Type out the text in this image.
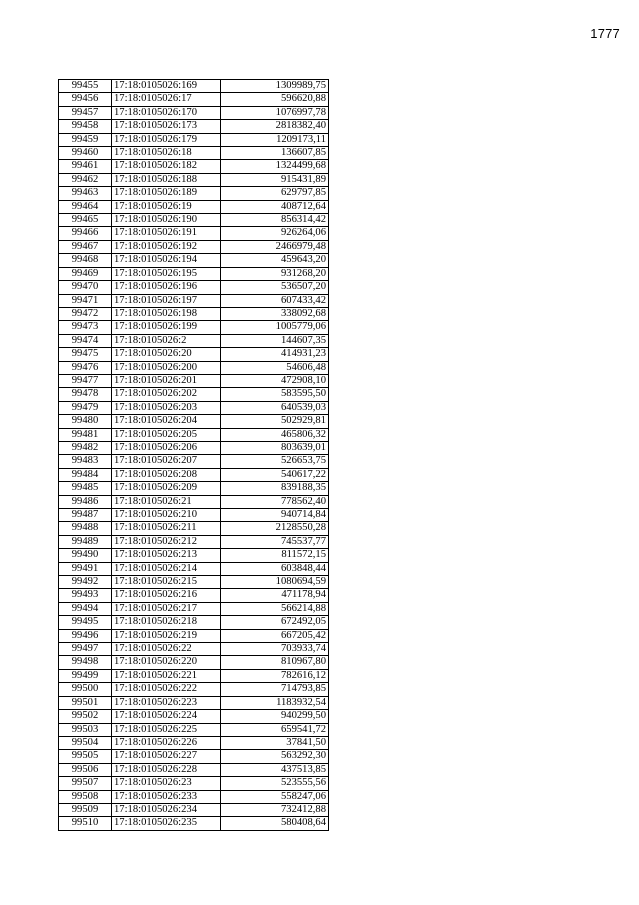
1777
99455	17:18:0105026:169	1309989,75
99456	17:18:0105026:17	596620,88
99457	17:18:0105026:170	1076997,78
99458	17:18:0105026:173	2818382,40
99459	17:18:0105026:179	1209173,11
99460	17:18:0105026:18	136607,85
99461	17:18:0105026:182	1324499,68
99462	17:18:0105026:188	915431,89
99463	17:18:0105026:189	629797,85
99464	17:18:0105026:19	408712,64
99465	17:18:0105026:190	856314,42
99466	17:18:0105026:191	926264,06
99467	17:18:0105026:192	2466979,48
99468	17:18:0105026:194	459643,20
99469	17:18:0105026:195	931268,20
99470	17:18:0105026:196	536507,20
99471	17:18:0105026:197	607433,42
99472	17:18:0105026:198	338092,68
99473	17:18:0105026:199	1005779,06
99474	17:18:0105026:2	144607,35
99475	17:18:0105026:20	414931,23
99476	17:18:0105026:200	54606,48
99477	17:18:0105026:201	472908,10
99478	17:18:0105026:202	583595,50
99479	17:18:0105026:203	640539,03
99480	17:18:0105026:204	502929,81
99481	17:18:0105026:205	465806,32
99482	17:18:0105026:206	803639,01
99483	17:18:0105026:207	526653,75
99484	17:18:0105026:208	540617,22
99485	17:18:0105026:209	839188,35
99486	17:18:0105026:21	778562,40
99487	17:18:0105026:210	940714,84
99488	17:18:0105026:211	2128550,28
99489	17:18:0105026:212	745537,77
99490	17:18:0105026:213	811572,15
99491	17:18:0105026:214	603848,44
99492	17:18:0105026:215	1080694,59
99493	17:18:0105026:216	471178,94
99494	17:18:0105026:217	566214,88
99495	17:18:0105026:218	672492,05
99496	17:18:0105026:219	667205,42
99497	17:18:0105026:22	703933,74
99498	17:18:0105026:220	810967,80
99499	17:18:0105026:221	782616,12
99500	17:18:0105026:222	714793,85
99501	17:18:0105026:223	1183932,54
99502	17:18:0105026:224	940299,50
99503	17:18:0105026:225	659541,72
99504	17:18:0105026:226	37841,50
99505	17:18:0105026:227	563292,30
99506	17:18:0105026:228	437513,85
99507	17:18:0105026:23	523555,56
99508	17:18:0105026:233	558247,06
99509	17:18:0105026:234	732412,88
99510	17:18:0105026:235	580408,64
